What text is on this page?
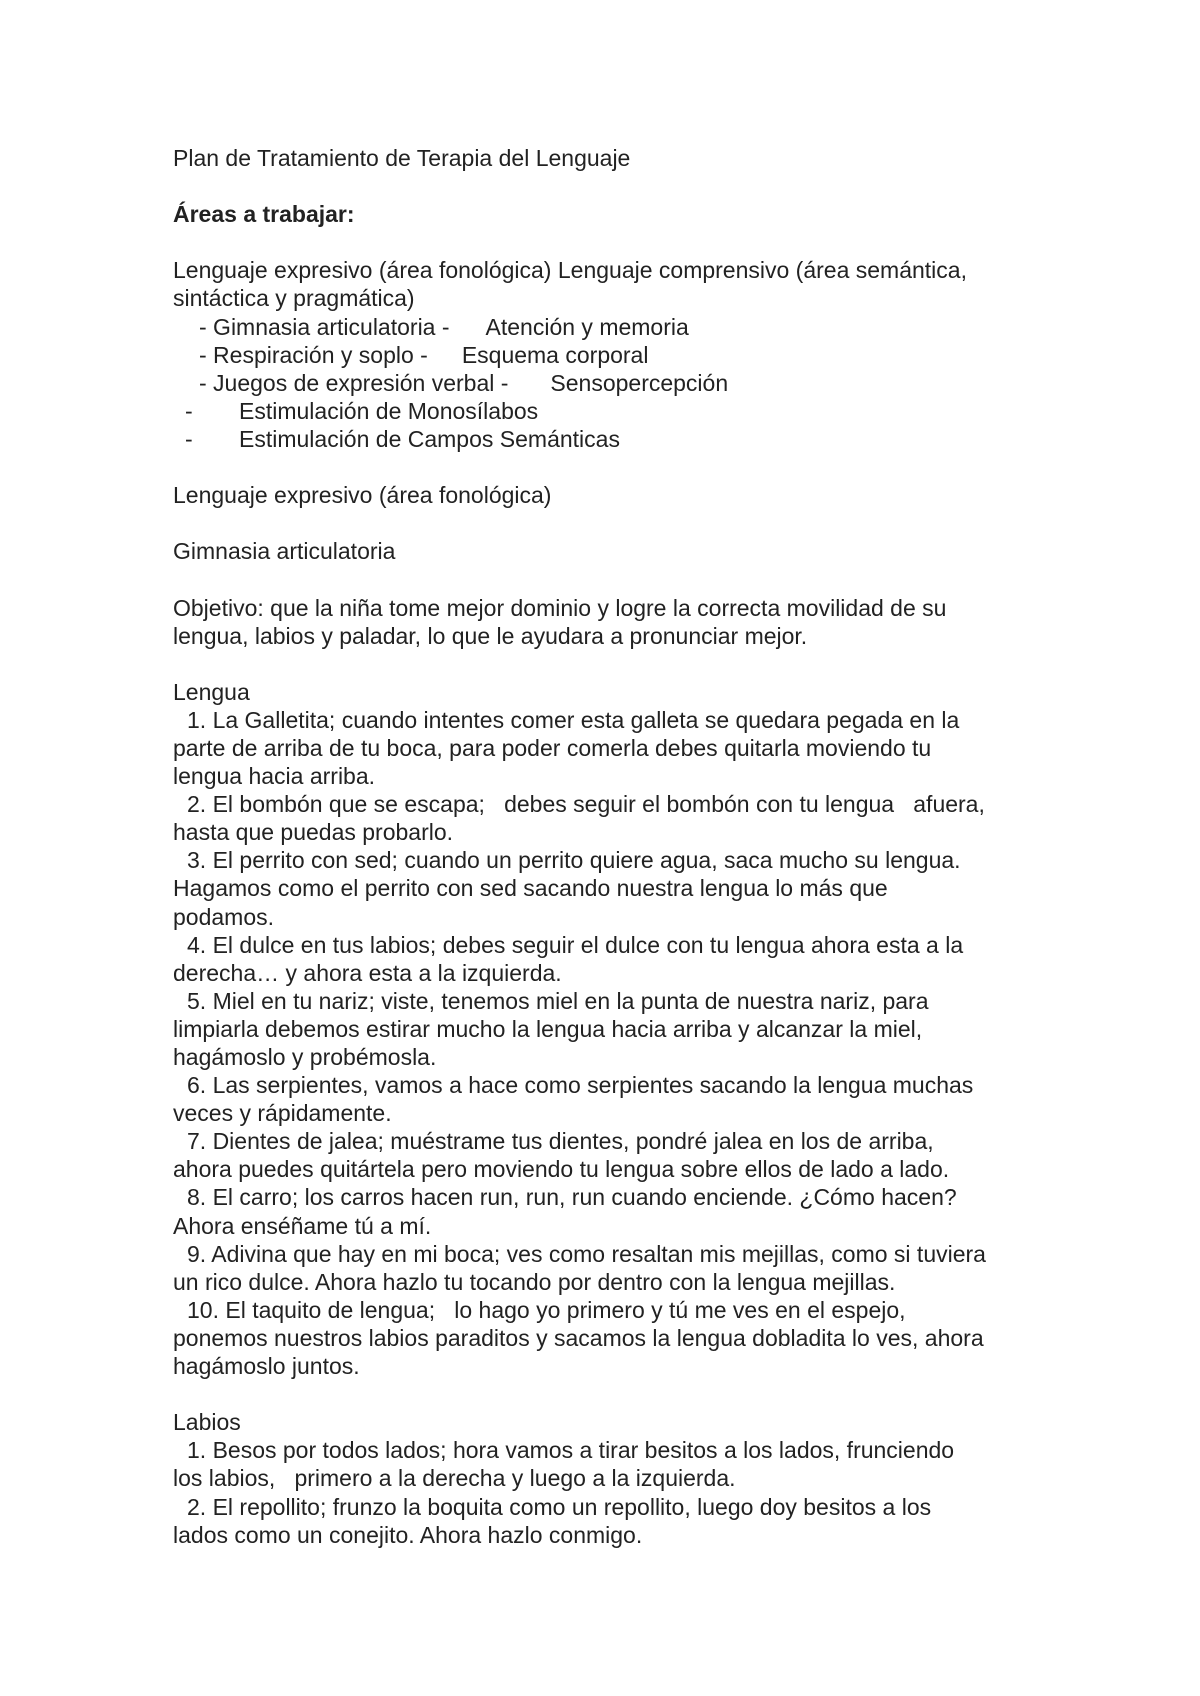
Plan de Tratamiento de Terapia del Lenguaje
Áreas a trabajar:
Lenguaje expresivo (área fonológica) Lenguaje comprensivo (área semántica,
sintáctica y pragmática)
- Gimnasia articulatoria - Atención y memoria
- Respiración y soplo - Esquema corporal
- Juegos de expresión verbal - Sensopercepción
- Estimulación de Monosílabos
- Estimulación de Campos Semánticas
Lenguaje expresivo (área fonológica)
Gimnasia articulatoria
Objetivo: que la niña tome mejor dominio y logre la correcta movilidad de su
lengua, labios y paladar, lo que le ayudara a pronunciar mejor.
Lengua
1. La Galletita; cuando intentes comer esta galleta se quedara pegada en la
parte de arriba de tu boca, para poder comerla debes quitarla moviendo tu
lengua hacia arriba.
2. El bombón que se escapa;   debes seguir el bombón con tu lengua   afuera,
hasta que puedas probarlo.
3. El perrito con sed; cuando un perrito quiere agua, saca mucho su lengua.
Hagamos como el perrito con sed sacando nuestra lengua lo más que
podamos.
4. El dulce en tus labios; debes seguir el dulce con tu lengua ahora esta a la
derecha… y ahora esta a la izquierda.
5. Miel en tu nariz; viste, tenemos miel en la punta de nuestra nariz, para
limpiarla debemos estirar mucho la lengua hacia arriba y alcanzar la miel,
hagámoslo y probémosla.
6. Las serpientes, vamos a hace como serpientes sacando la lengua muchas
veces y rápidamente.
7. Dientes de jalea; muéstrame tus dientes, pondré jalea en los de arriba,
ahora puedes quitártela pero moviendo tu lengua sobre ellos de lado a lado.
8. El carro; los carros hacen run, run, run cuando enciende. ¿Cómo hacen?
Ahora enséñame tú a mí.
9. Adivina que hay en mi boca; ves como resaltan mis mejillas, como si tuviera
un rico dulce. Ahora hazlo tu tocando por dentro con la lengua mejillas.
10. El taquito de lengua;   lo hago yo primero y tú me ves en el espejo,
ponemos nuestros labios paraditos y sacamos la lengua dobladita lo ves, ahora
hagámoslo juntos.
Labios
1. Besos por todos lados; hora vamos a tirar besitos a los lados, frunciendo
los labios,   primero a la derecha y luego a la izquierda.
2. El repollito; frunzo la boquita como un repollito, luego doy besitos a los
lados como un conejito. Ahora hazlo conmigo.
